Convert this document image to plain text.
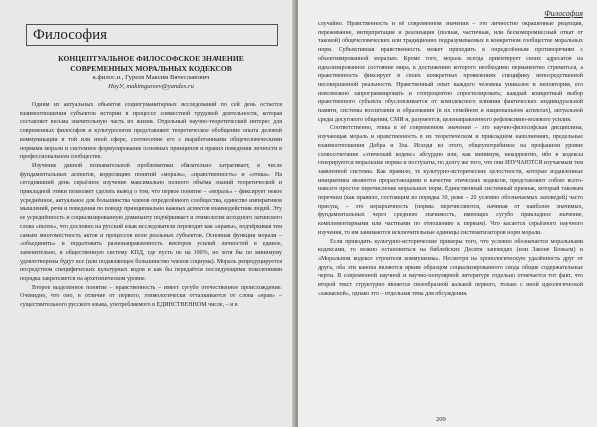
Философия
КОНЦЕПТУАЛЬНОЕ ФИЛОСОФСКОЕ ЗНАЧЕНИЕ
СОВРЕМЕННЫХ МОРАЛЬНЫХ КОДЕКСОВ
к.филос.н., Гуреев Максим Вячеславович
НоуУ, makimgureev@yandex.ru

Одним из актуальных объектов социогуманитарных исследований по сей день остается взаимоотношения субъектов истории в процессе совместной трудовой деятельности, которая составляет весьма значительную часть их жизни. Отдельный научно-теоретический интерес для современных философов и культурологов представляют теоретическое обобщение опыта деловой коммуникации в той или иной сфере, соотнесение его с выработанными общечеловеческими нормами морали и системное формулирование основных принципов и правил поведения личности в профессиональном сообществе.

Изучение данной познавательной проблематики обязательно затрагивает, в числе фундаментальных аспектов, корреляцию понятий «мораль», «нравственность» и «этика». На сегодняшний день серьёзное изучение максимально полного объёма знаний теоретической и прикладной этики позволяет сделать вывод о том, что первое понятие – «мораль» – фиксирует некое усреднённое, актуальное для большинства членов определённого сообщества, единство императивов мышлений, речи и поведения по поводу принципиально важных аспектов взаимодействия людей. Эту ее усреднённость и социализированную доминанту подчёркивает и этимология исходного латинского слова «mores», что дословно на русский язык исследователи переводят как «нравы», подчёркивая тем самым многоместность актов и процессов волн реальных субъектов. Основная функция морали – «объединить» и подытожить разнонаправленность векторов усилий личностей в единое, заменительно, в общественную систему КПД, где пусть не на 100%, но хотя бы по минимуму удовлетворены будут все (или подавляющее большинство членов социума). Мораль репродуцируется посредством специфических культурных кодов и как бы передаётся последующими поколениями порядка закрепляется на архетипическом уровне.

Второе выделенное понятие – нравственность – имеет сугубо отечественное происхождение. Очевидно, что оно, в отличие от первого, этимологически отталкивается от слова «нрав» – существительного русского языка, употребляемого в ЕДИНСТВЕННОМ числе, – и в

Философия

случайно. Нравственность и её современном значении – это личностно окрашенные рецепция, переживание, интерпретация и реализация (полная, частичная, или бескомпромиссный откат от таковой) общечеловеческих или традиционно подразумеваемых в конкретном сообществе моральных норм. Субъективная нравственность может приходить к определённым противоречиям с объективированной моралью. Кроме того, мораль всегда ориентирует своих адресатов на идеализированное состояние мира, к достижению которого необходимо перманентно стремиться, а нравственность фиксирует в своих конкретных проявлениях специфику непосредственной несовершенной реальности. Нравственный опыт каждого человека уникален и неповторим, его невозможно запрограммировать и стопроцентно спрогнозировать; каждый конкретный выбор нравственного субъекта обусловливается от комплексного влияния фактических индивидуальной памяти, системы воспитания и образования (в их семейном и национальном аспектах), актуальной среды досугового общения, СМИ и, разумеется, целенаправленного рефлексивно-волевого усилия.

Соответственно, этика в её современном значении – это научно-философская дисциплина, изучающая мораль и нравственность в их теоретическом и прикладном наполнениях, предельные взаимоотношения Добра и Зла. Исходя из этого, общеупотребимое на профанном уровне словосочетание «этический кодекс» абсурдно или, как минимум, некорректно, ибо в кодексы генерируются моральные нормы и постулаты, по долгу же того, что они ИЗУЧАЮТСЯ изучаемым тем заявленной системы. Как правило, те культурно-исторические целостности, которые издавленные инициативы являются прорастающими в качестве этических кодексов, представляют собою всего-навсего простое перечисление моральных норм. Единственный системный признак, который таковым перечнем (как правило, состоящим из порядка 10, реже – 20 условно обозначаемых заповедей) часто присущ, – это иерархичность (нормы перечисляются, начиная от наиболее значимых, фундаментальных через среднюю значимость, имеющих сугубо прикладное значение, комплементарными или частными по отношению к первым). Что касается серьёзного научного изучения, то им занимаются исключительные единицы систематизаторов норм морали.

Если приводить культурно-исторические примеры того, что условно обозначается моральными кодексами, то можно остановиться на библейских Десяти заповедях (или Законе Божьем) и «Моральном кодексе строителя коммунизма». Несмотря на хронологическую удалённость друг от друга, оба эти канона являются ярким образцом социализированного свода общие содержательные черты. В современной научной и научно-популярной литературе отдельно отмечается тот факт, что второй текст структурно является своеобразной калькой первого, только с иной идеологической «закваской», однако это – отдельная тема для обсуждения.

209
